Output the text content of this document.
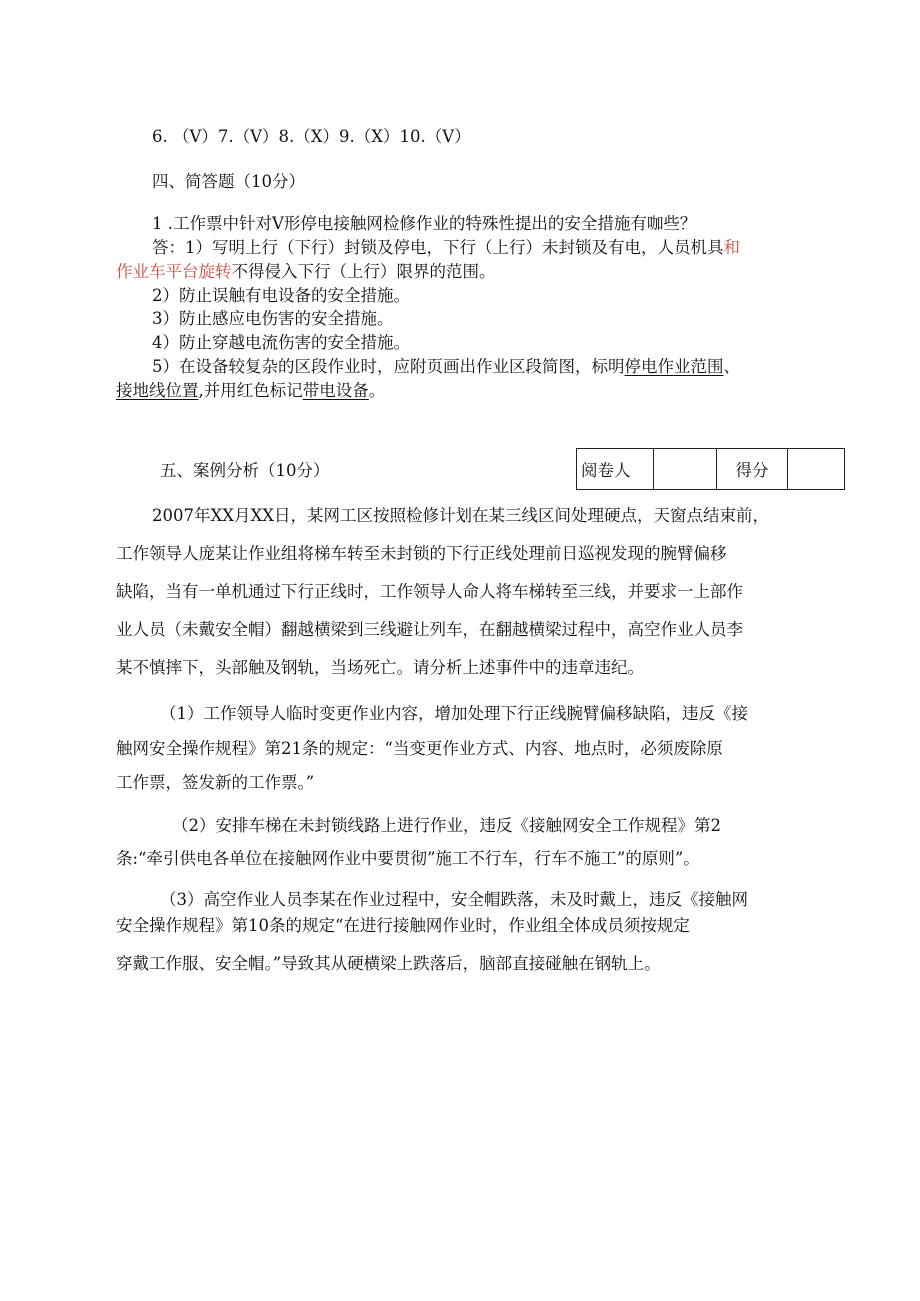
6. （V）7.（V）8.（X）9.（X）10.（V）
四、简答题（10分）
1 .工作票中针对V形停电接触网检修作业的特殊性提出的安全措施有咖些？
答：1）写明上行（下行）封锁及停电，下行（上行）未封锁及有电，人员机具和
作业车平台旋转不得侵入下行（上行）限界的范围。
2）防止误触有电设备的安全措施。
3）防止感应电伤害的安全措施。
4）防止穿越电流伤害的安全措施。
5）在设备较复杂的区段作业时，应附页画出作业区段简图，标明停电作业范围、
接地线位置,并用红色标记带电设备。
阅卷人		得分	
五、案例分析（10分）
2007年XX月XX日，某网工区按照检修计划在某三线区间处理硬点，天窗点结束前，
工作领导人庞某让作业组将梯车转至未封锁的下行正线处理前日巡视发现的腕臂偏移
缺陷，当有一单机通过下行正线时，工作领导人命人将车梯转至三线，并要求一上部作
业人员（未戴安全帽）翻越横梁到三线避让列车，在翻越横梁过程中，高空作业人员李
某不慎摔下，头部触及钢轨，当场死亡。请分析上述事件中的违章违纪。
（1）工作领导人临时变更作业内容，增加处理下行正线腕臂偏移缺陷，违反《接
触网安全操作规程》第21条的规定：“当变更作业方式、内容、地点时，必须废除原
工作票，签发新的工作票。”
（2）安排车梯在未封锁线路上进行作业，违反《接触网安全工作规程》第2
条:“牵引供电各单位在接触网作业中要贯彻”施工不行车，行车不施工”的原则”。
（3）高空作业人员李某在作业过程中，安全帽跌落，未及时戴上，违反《接触网
安全操作规程》第10条的规定“在进行接触网作业时，作业组全体成员须按规定
穿戴工作服、安全帽。”导致其从硬横梁上跌落后，脑部直接碰触在钢轨上。
